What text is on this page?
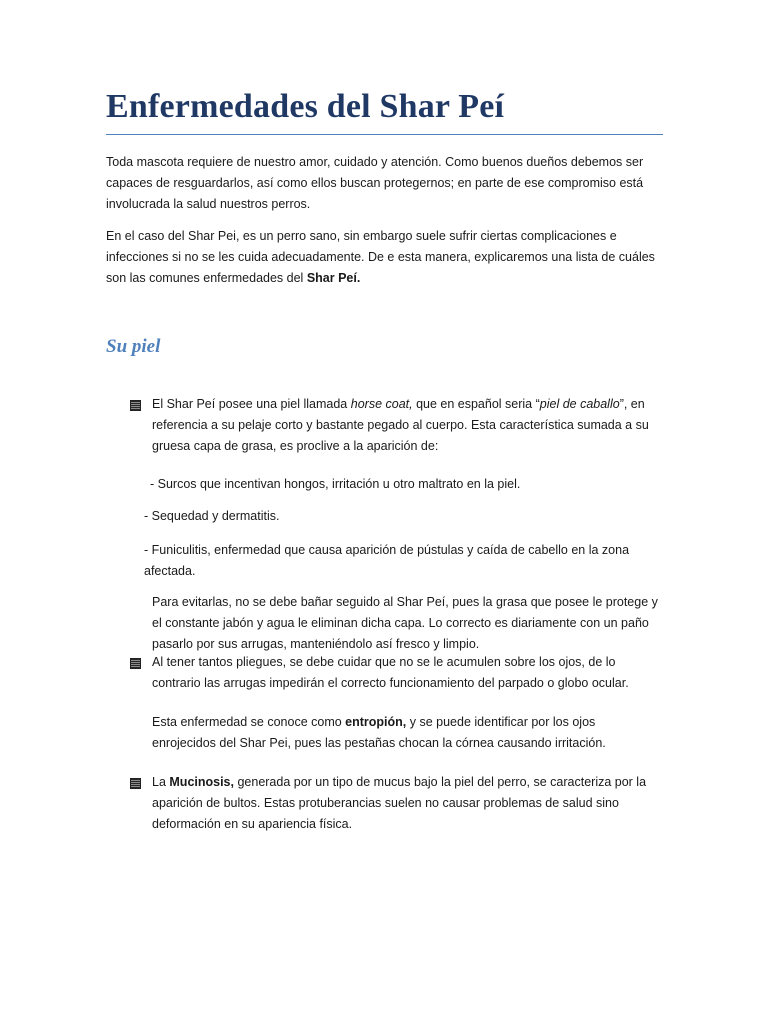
Enfermedades del Shar Peí

Toda mascota requiere de nuestro amor, cuidado y atención. Como buenos dueños debemos ser capaces de resguardarlos, así como ellos buscan protegernos; en parte de ese compromiso está involucrada la salud nuestros perros.

En el caso del Shar Pei, es un perro sano, sin embargo suele sufrir ciertas complicaciones e infecciones si no se les cuida adecuadamente. De e esta manera, explicaremos una lista de cuáles son las comunes enfermedades del Shar Peí.

Su piel
El Shar Peí posee una piel llamada horse coat, que en español seria “piel de caballo”, en referencia a su pelaje corto y bastante pegado al cuerpo. Esta característica sumada a su gruesa capa de grasa, es proclive a la aparición de:
- Surcos que incentivan hongos, irritación u otro maltrato en la piel.
- Sequedad y dermatitis.
- Funiculitis, enfermedad que causa aparición de pústulas y caída de cabello en la zona afectada.

Para evitarlas, no se debe bañar seguido al Shar Peí, pues la grasa que posee le protege y el constante jabón y agua le eliminan dicha capa. Lo correcto es diariamente con un paño pasarlo por sus arrugas, manteniéndolo así fresco y limpio.

Al tener tantos pliegues, se debe cuidar que no se le acumulen sobre los ojos, de lo contrario las arrugas impedirán el correcto funcionamiento del parpado o globo ocular.

Esta enfermedad se conoce como entropión, y se puede identificar por los ojos enrojecidos del Shar Pei, pues las pestañas chocan la córnea causando irritación.

La Mucinosis, generada por un tipo de mucus bajo la piel del perro, se caracteriza por la aparición de bultos. Estas protuberancias suelen no causar problemas de salud sino deformación en su apariencia física.
